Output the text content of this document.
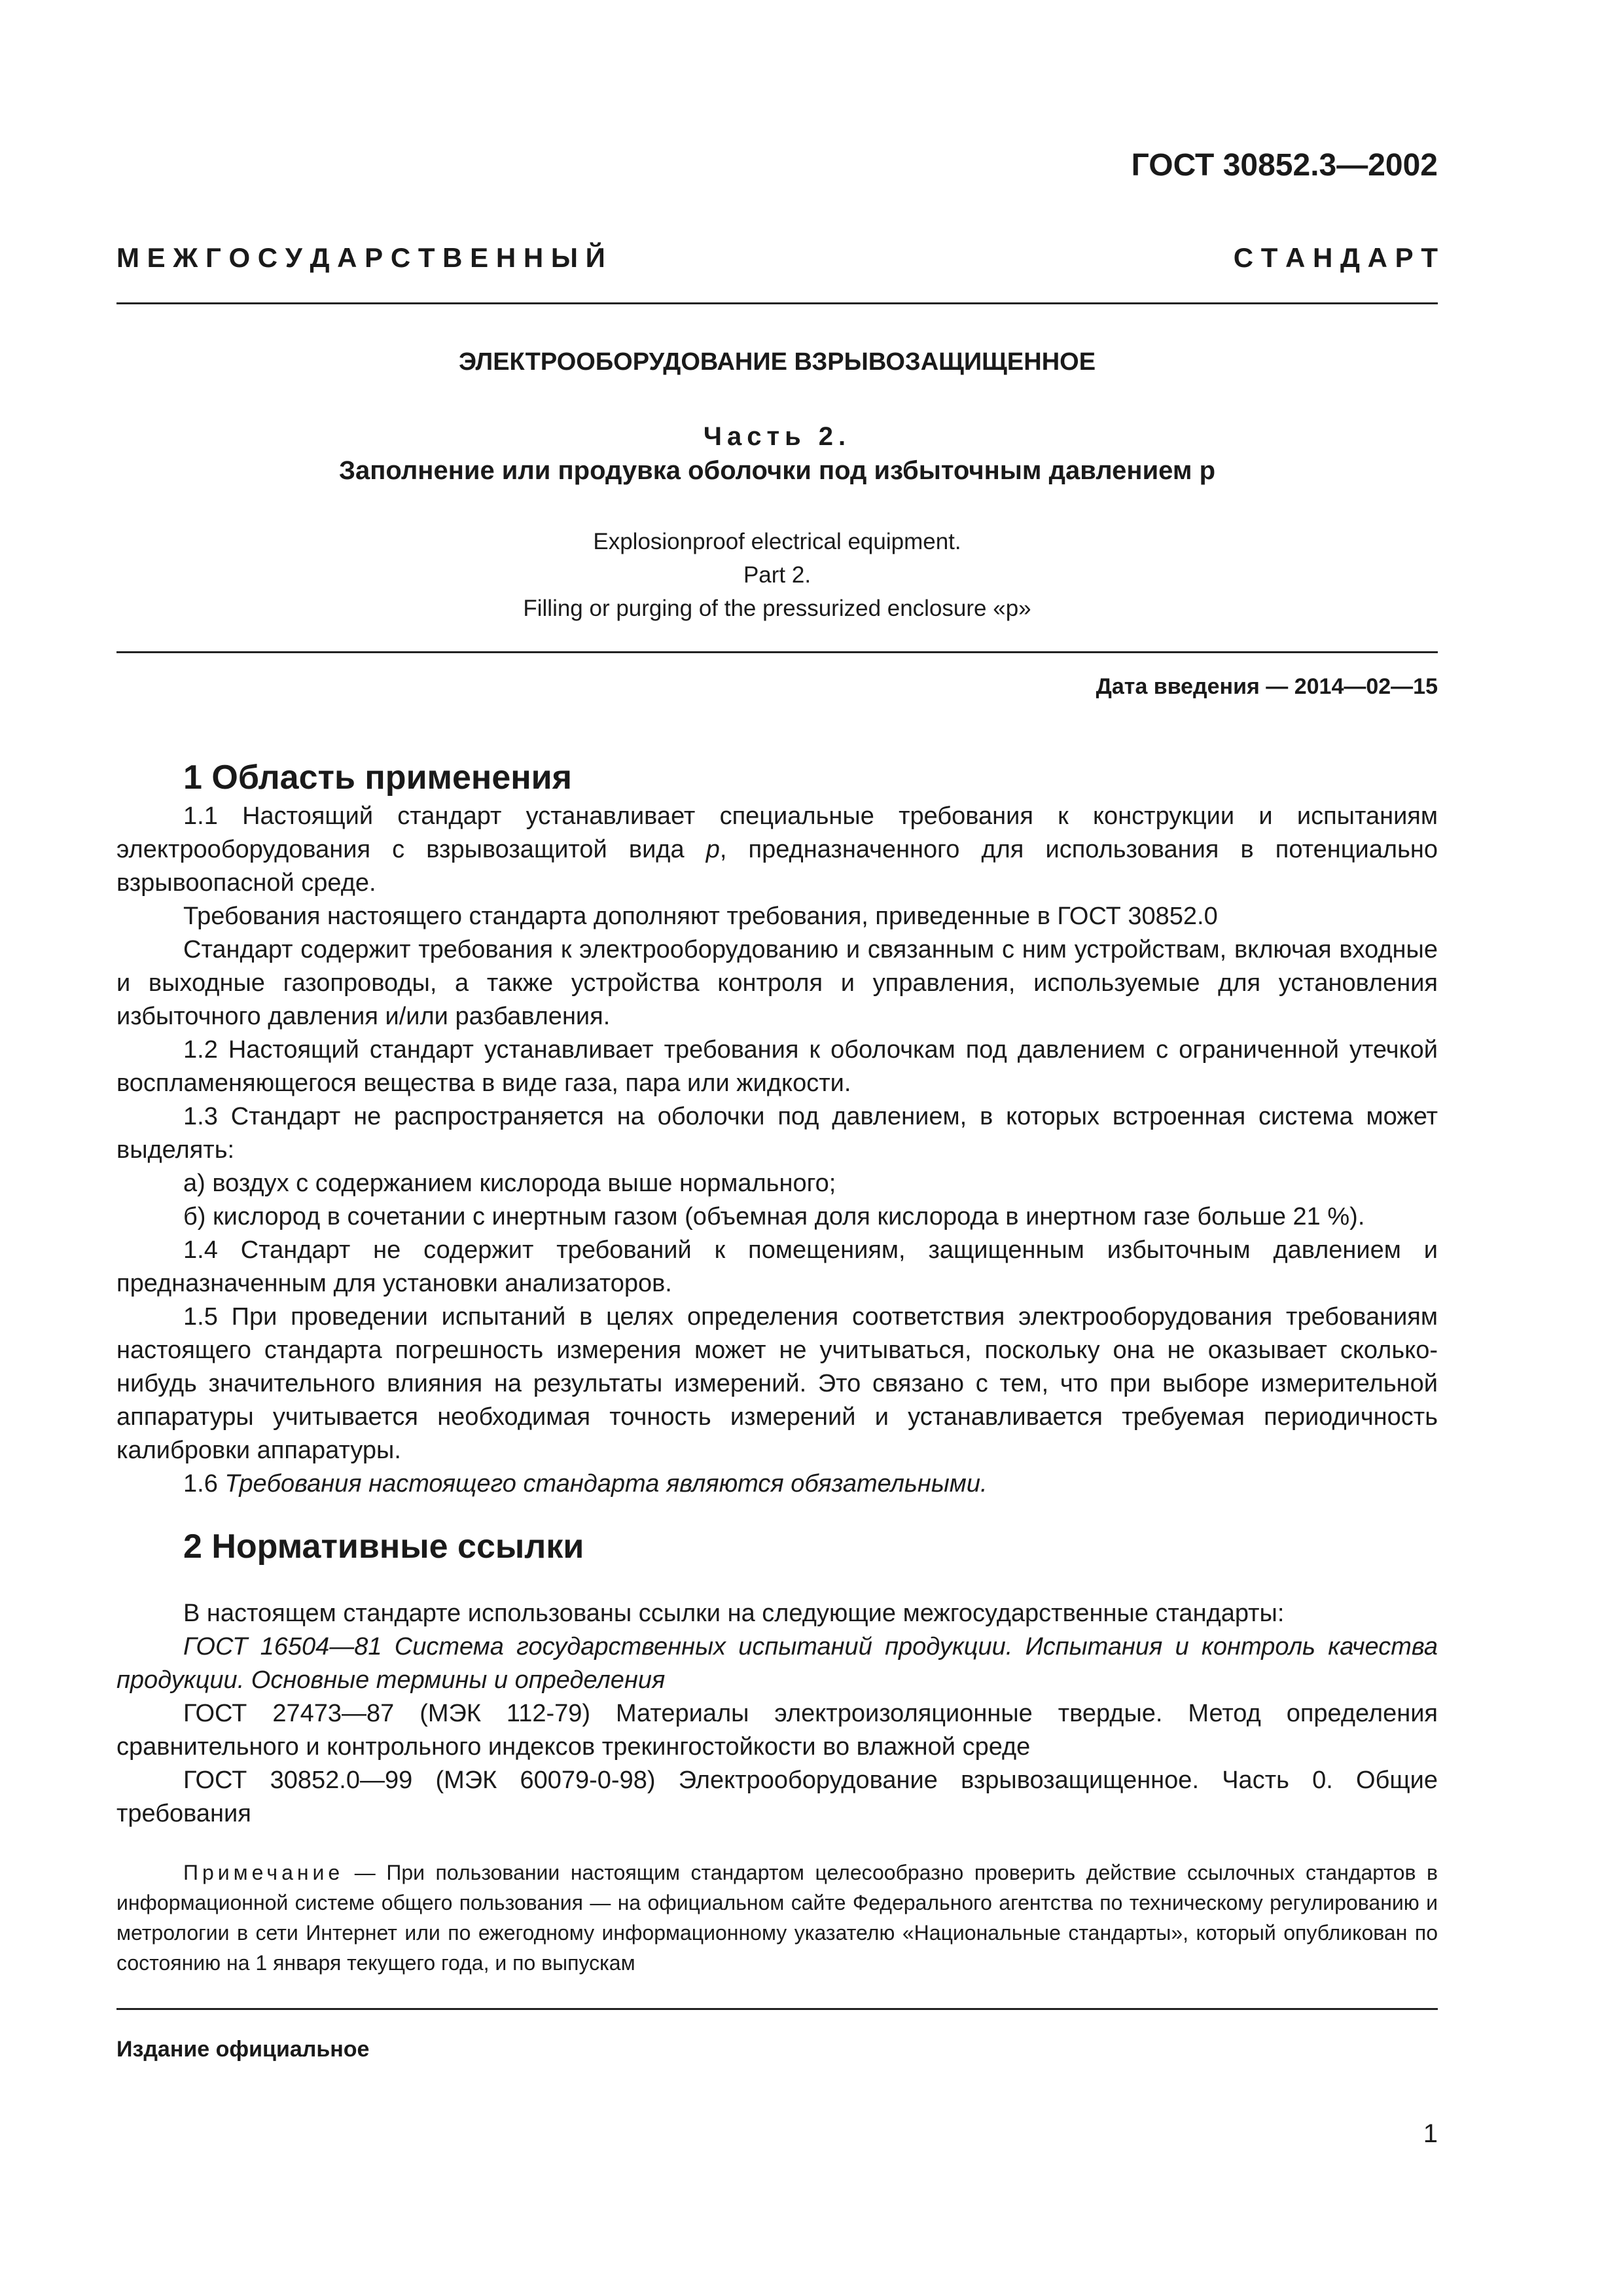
ГОСТ 30852.3—2002
М Е Ж Г О С У Д А Р С Т В Е Н Н Ы Й	С Т А Н Д А Р Т
ЭЛЕКТРООБОРУДОВАНИЕ ВЗРЫВОЗАЩИЩЕННОЕ
Часть 2.
Заполнение или продувка оболочки под избыточным давлением р
Explosionproof electrical equipment.
Part 2.
Filling or purging of the pressurized enclosure «p»
Дата введения — 2014—02—15
1 Область применения

1.1 Настоящий стандарт устанавливает специальные требования к конструкции и испытаниям электрооборудования с взрывозащитой вида р, предназначенного для использования в потенциально взрывоопасной среде.

Требования настоящего стандарта дополняют требования, приведенные в ГОСТ 30852.0

Стандарт содержит требования к электрооборудованию и связанным с ним устройствам, включая входные и выходные газопроводы, а также устройства контроля и управления, используемые для установления избыточного давления и/или разбавления.

1.2 Настоящий стандарт устанавливает требования к оболочкам под давлением с ограниченной утечкой воспламеняющегося вещества в виде газа, пара или жидкости.

1.3 Стандарт не распространяется на оболочки под давлением, в которых встроенная система может выделять:

а) воздух с содержанием кислорода выше нормального;

б) кислород в сочетании с инертным газом (объемная доля кислорода в инертном газе больше 21 %).

1.4 Стандарт не содержит требований к помещениям, защищенным избыточным давлением и предназначенным для установки анализаторов.

1.5 При проведении испытаний в целях определения соответствия электрооборудования требованиям настоящего стандарта погрешность измерения может не учитываться, поскольку она не оказывает сколько-нибудь значительного влияния на результаты измерений. Это связано с тем, что при выборе измерительной аппаратуры учитывается необходимая точность измерений и устанавливается требуемая периодичность калибровки аппаратуры.

1.6 Требования настоящего стандарта являются обязательными.

2 Нормативные ссылки

В настоящем стандарте использованы ссылки на следующие межгосударственные стандарты:

ГОСТ 16504—81 Система государственных испытаний продукции. Испытания и контроль качества продукции. Основные термины и определения

ГОСТ 27473—87 (МЭК 112-79) Материалы электроизоляционные твердые. Метод определения сравнительного и контрольного индексов трекингостойкости во влажной среде

ГОСТ 30852.0—99 (МЭК 60079-0-98) Электрооборудование взрывозащищенное. Часть 0. Общие требования

Примечание — При пользовании настоящим стандартом целесообразно проверить действие ссылочных стандартов в информационной системе общего пользования — на официальном сайте Федерального агентства по техническому регулированию и метрологии в сети Интернет или по ежегодному информационному указателю «Национальные стандарты», который опубликован по состоянию на 1 января текущего года, и по выпускам

Издание официальное
1
